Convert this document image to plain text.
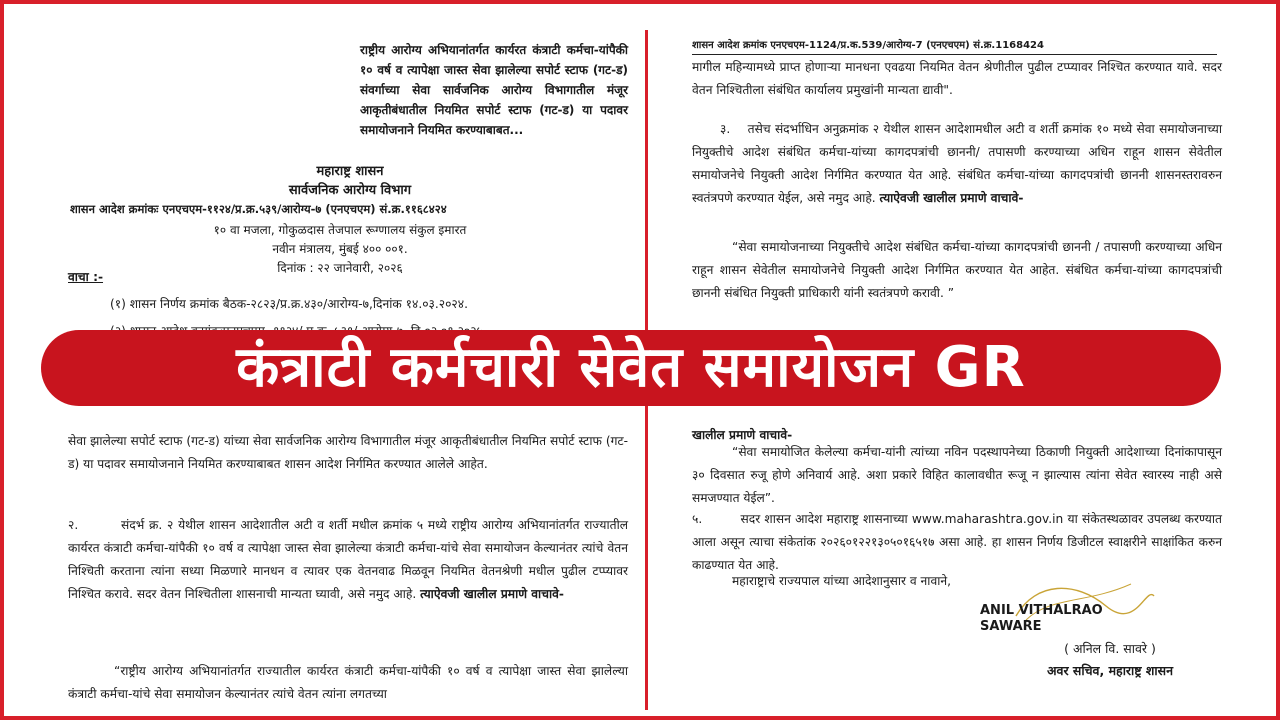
राष्ट्रीय आरोग्य अभियानांतर्गत कार्यरत कंत्राटी कर्मचा-यांपैकी १० वर्ष व त्यापेक्षा जास्त सेवा झालेल्या सपोर्ट स्टाफ (गट-ड) संवर्गाच्या सेवा सार्वजनिक आरोग्य विभागातील मंजूर आकृतीबंधातील नियमित सपोर्ट स्टाफ (गट-ड) या पदावर समायोजनाने नियमित करण्याबाबत...
महाराष्ट्र शासन
सार्वजनिक आरोग्य विभाग
शासन आदेश क्रमांकः एनएचएम-११२४/प्र.क्र.५३९/आरोग्य-७ (एनएचएम) सं.क्र.११६८४२४
१० वा मजला, गोकुळदास तेजपाल रूग्णालय संकुल इमारत
नवीन मंत्रालय, मुंबई ४०० ००१.
दिनांक : २२ जानेवारी, २०२६
वाचा :-
(१) शासन निर्णय क्रमांक बैठक-२८२३/प्र.क्र.४३०/आरोग्य-७,दिनांक १४.०३.२०२४.
सेवा झालेल्या सपोर्ट स्टाफ (गट-ड) यांच्या सेवा सार्वजनिक आरोग्य विभागातील मंजूर आकृतीबंधातील नियमित सपोर्ट स्टाफ (गट-ड) या पदावर समायोजनाने नियमित करण्याबाबत शासन आदेश निर्गमित करण्यात आलेले आहेत.
२.	संदर्भ क्र. २ येथील शासन आदेशातील अटी व शर्ती मधील क्रमांक ५ मध्ये राष्ट्रीय आरोग्य अभियानांतर्गत राज्यातील कार्यरत कंत्राटी कर्मचा-यांपैकी १० वर्ष व त्यापेक्षा जास्त सेवा झालेल्या कंत्राटी कर्मचा-यांचे सेवा समायोजन केल्यानंतर त्यांचे वेतन निश्चिती करताना त्यांना सध्या मिळणारे मानधन व त्यावर एक वेतनवाढ मिळवून नियमित वेतनश्रेणी मधील पुढील टप्प्यावर निश्चित करावे. सदर वेतन निश्चितीला शासनाची मान्यता घ्यावी, असे नमुद आहे. त्याऐवजी खालील प्रमाणे वाचावे-
“राष्ट्रीय आरोग्य अभियानांतर्गत राज्यातील कार्यरत कंत्राटी कर्मचा-यांपैकी १० वर्ष व त्यापेक्षा जास्त सेवा झालेल्या कंत्राटी कर्मचा-यांचे सेवा समायोजन केल्यानंतर त्यांचे वेतन त्यांना लगतच्या
शासन आदेश क्रमांक एनएचएम-1124/प्र.क.539/आरोग्य-7 (एनएचएम) सं.क्र.1168424
मागील महिन्यामध्ये प्राप्त होणाऱ्या मानधना एवढया नियमित वेतन श्रेणीतील पुढील टप्प्यावर निश्चित करण्यात यावे. सदर वेतन निश्चितीला संबंधित कार्यालय प्रमुखांनी मान्यता द्यावी".
३. तसेच संदर्भाधिन अनुक्रमांक २ येथील शासन आदेशामधील अटी व शर्ती क्रमांक १० मध्ये सेवा समायोजनाच्या नियुक्तीचे आदेश संबंधित कर्मचा-यांच्या कागदपत्रांची छाननी/ तपासणी करण्याच्या अधिन राहून शासन सेवेतील समायोजनेचे नियुक्ती आदेश निर्गमित करण्यात येत आहे. संबंधित कर्मचा-यांच्या कागदपत्रांची छाननी शासनस्तरावरुन स्वतंत्रपणे करण्यात येईल, असे नमुद आहे. त्याऐवजी खालील प्रमाणे वाचावे-
“सेवा समायोजनाच्या नियुक्तीचे आदेश संबंधित कर्मचा-यांच्या कागदपत्रांची छाननी / तपासणी करण्याच्या अधिन राहून शासन सेवेतील समायोजनेचे नियुक्ती आदेश निर्गमित करण्यात येत आहेत. संबंधित कर्मचा-यांच्या कागदपत्रांची छाननी संबंधित नियुक्ती प्राधिकारी यांनी स्वतंत्रपणे करावी. ”
खालील प्रमाणे वाचावे-
“सेवा समायोजित केलेल्या कर्मचा-यांनी त्यांच्या नविन पदस्थापनेच्या ठिकाणी नियुक्ती आदेशाच्या दिनांकापासून ३० दिवसात रुजू होणे अनिवार्य आहे. अशा प्रकारे विहित कालावधीत रूजू न झाल्यास त्यांना सेवेत स्वारस्य नाही असे समजण्यात येईल”.
५.	सदर शासन आदेश महाराष्ट्र शासनाच्या www.maharashtra.gov.in या संकेतस्थळावर उपलब्ध करण्यात आला असून त्याचा संकेतांक २०२६०१२२१३०५०१६५१७ असा आहे. हा शासन निर्णय डिजीटल स्वाक्षरीने साक्षांकित करुन काढण्यात येत आहे.
महाराष्ट्राचे राज्यपाल यांच्या आदेशानुसार व नावाने,
ANIL VITHALRAO
SAWARE
( अनिल वि. सावरे )
अवर सचिव, महाराष्ट्र शासन
कंत्राटी कर्मचारी सेवेत समायोजन GR
